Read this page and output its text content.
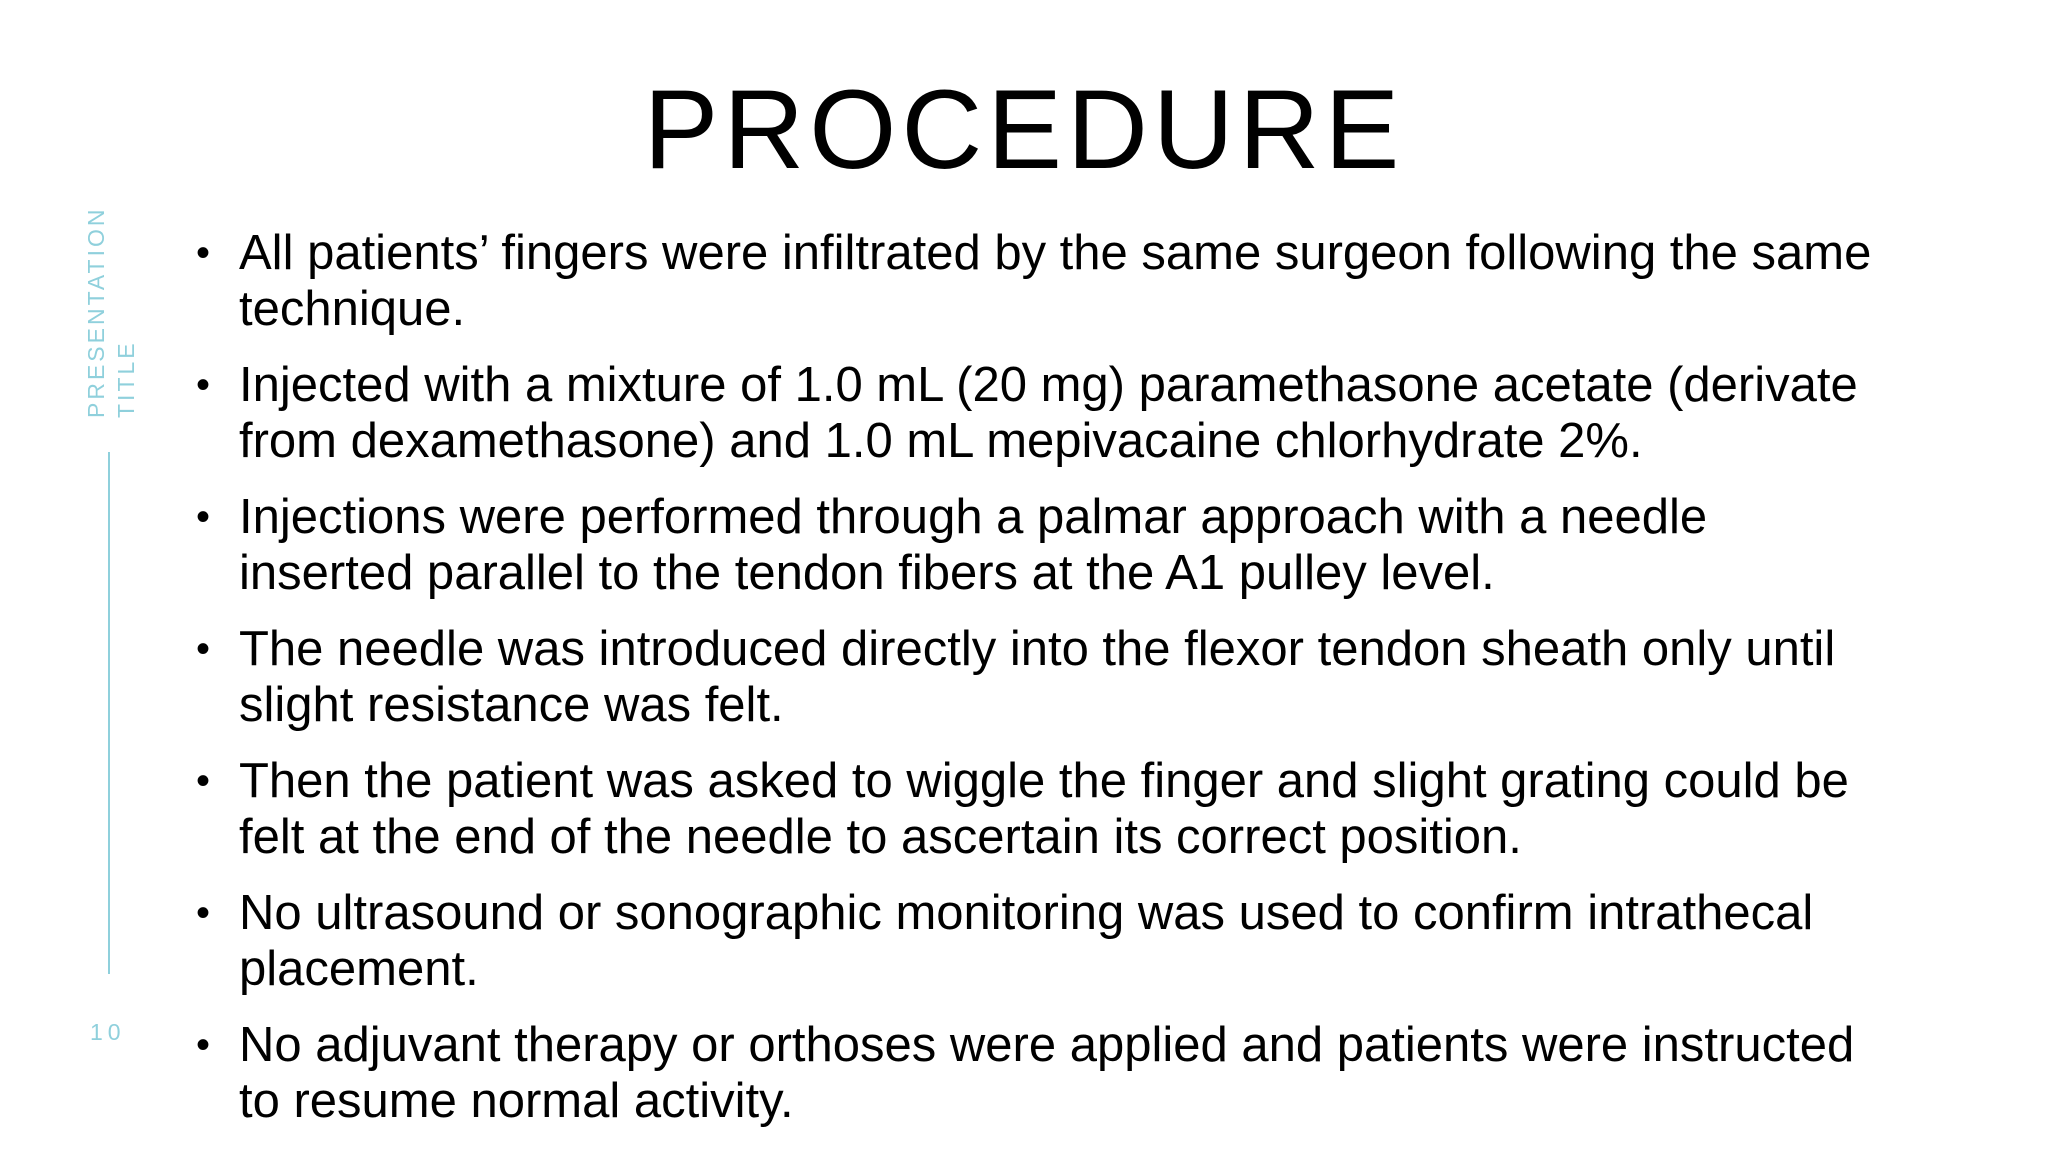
PROCEDURE
PRESENTATION TITLE
10
• All patients’ fingers were infiltrated by the same surgeon following the same technique.
• Injected with a mixture of 1.0 mL (20 mg) paramethasone acetate (derivate from dexamethasone) and 1.0 mL mepivacaine chlorhydrate 2%.
• Injections were performed through a palmar approach with a needle inserted parallel to the tendon fibers at the A1 pulley level.
• The needle was introduced directly into the flexor tendon sheath only until slight resistance was felt.
• Then the patient was asked to wiggle the finger and slight grating could be felt at the end of the needle to ascertain its correct position.
• No ultrasound or sonographic monitoring was used to confirm intrathecal placement.
• No adjuvant therapy or orthoses were applied and patients were instructed to resume normal activity.
